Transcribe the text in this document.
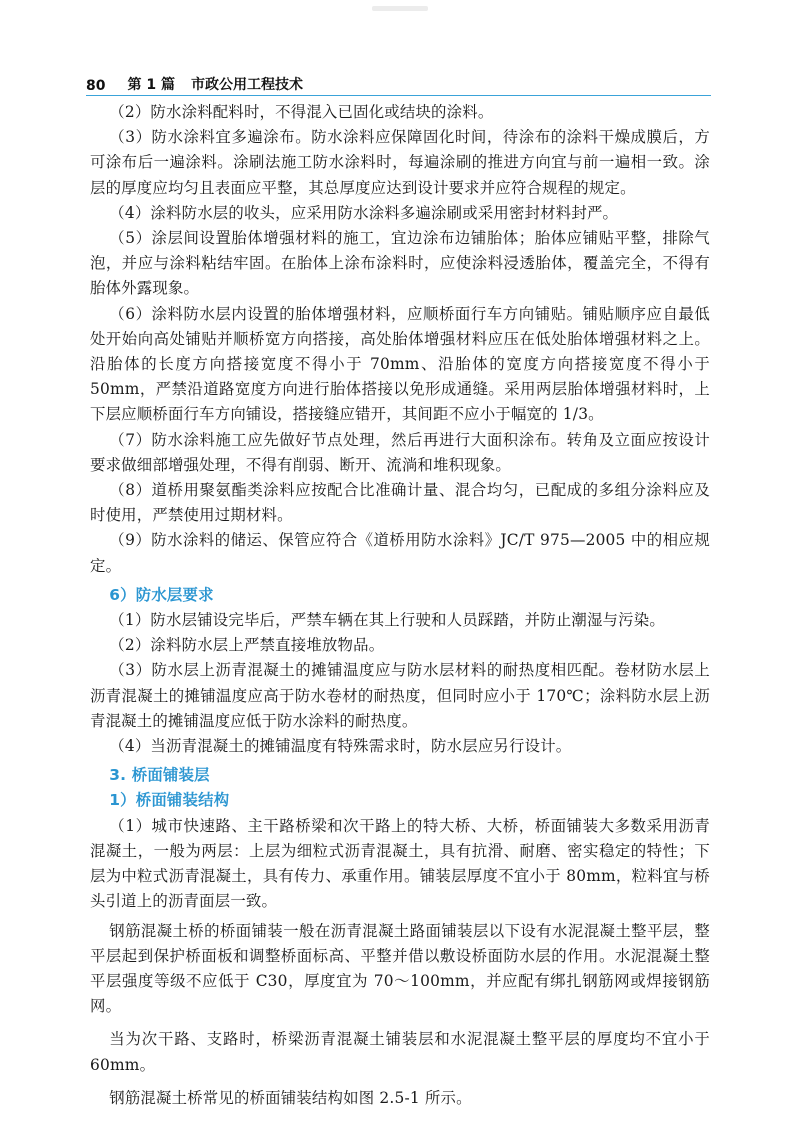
80 第 1 篇 市政公用工程技术

（2）防水涂料配料时，不得混入已固化或结块的涂料。

（3）防水涂料宜多遍涂布。防水涂料应保障固化时间，待涂布的涂料干燥成膜后，方可涂布后一遍涂料。涂刷法施工防水涂料时，每遍涂刷的推进方向宜与前一遍相一致。涂层的厚度应均匀且表面应平整，其总厚度应达到设计要求并应符合规程的规定。

（4）涂料防水层的收头，应采用防水涂料多遍涂刷或采用密封材料封严。

（5）涂层间设置胎体增强材料的施工，宜边涂布边铺胎体；胎体应铺贴平整，排除气泡，并应与涂料粘结牢固。在胎体上涂布涂料时，应使涂料浸透胎体，覆盖完全，不得有胎体外露现象。

（6）涂料防水层内设置的胎体增强材料，应顺桥面行车方向铺贴。铺贴顺序应自最低处开始向高处铺贴并顺桥宽方向搭接，高处胎体增强材料应压在低处胎体增强材料之上。沿胎体的长度方向搭接宽度不得小于 70mm、沿胎体的宽度方向搭接宽度不得小于 50mm，严禁沿道路宽度方向进行胎体搭接以免形成通缝。采用两层胎体增强材料时，上下层应顺桥面行车方向铺设，搭接缝应错开，其间距不应小于幅宽的 1/3。

（7）防水涂料施工应先做好节点处理，然后再进行大面积涂布。转角及立面应按设计要求做细部增强处理，不得有削弱、断开、流淌和堆积现象。

（8）道桥用聚氨酯类涂料应按配合比准确计量、混合均匀，已配成的多组分涂料应及时使用，严禁使用过期材料。

（9）防水涂料的储运、保管应符合《道桥用防水涂料》JC/T 975—2005 中的相应规定。

6）防水层要求

（1）防水层铺设完毕后，严禁车辆在其上行驶和人员踩踏，并防止潮湿与污染。

（2）涂料防水层上严禁直接堆放物品。

（3）防水层上沥青混凝土的摊铺温度应与防水层材料的耐热度相匹配。卷材防水层上沥青混凝土的摊铺温度应高于防水卷材的耐热度，但同时应小于 170℃；涂料防水层上沥青混凝土的摊铺温度应低于防水涂料的耐热度。

（4）当沥青混凝土的摊铺温度有特殊需求时，防水层应另行设计。

3. 桥面铺装层

1）桥面铺装结构

（1）城市快速路、主干路桥梁和次干路上的特大桥、大桥，桥面铺装大多数采用沥青混凝土，一般为两层：上层为细粒式沥青混凝土，具有抗滑、耐磨、密实稳定的特性；下层为中粒式沥青混凝土，具有传力、承重作用。铺装层厚度不宜小于 80mm，粒料宜与桥头引道上的沥青面层一致。

钢筋混凝土桥的桥面铺装一般在沥青混凝土路面铺装层以下设有水泥混凝土整平层，整平层起到保护桥面板和调整桥面标高、平整并借以敷设桥面防水层的作用。水泥混凝土整平层强度等级不应低于 C30，厚度宜为 70～100mm，并应配有绑扎钢筋网或焊接钢筋网。

当为次干路、支路时，桥梁沥青混凝土铺装层和水泥混凝土整平层的厚度均不宜小于 60mm。

钢筋混凝土桥常见的桥面铺装结构如图 2.5-1 所示。
